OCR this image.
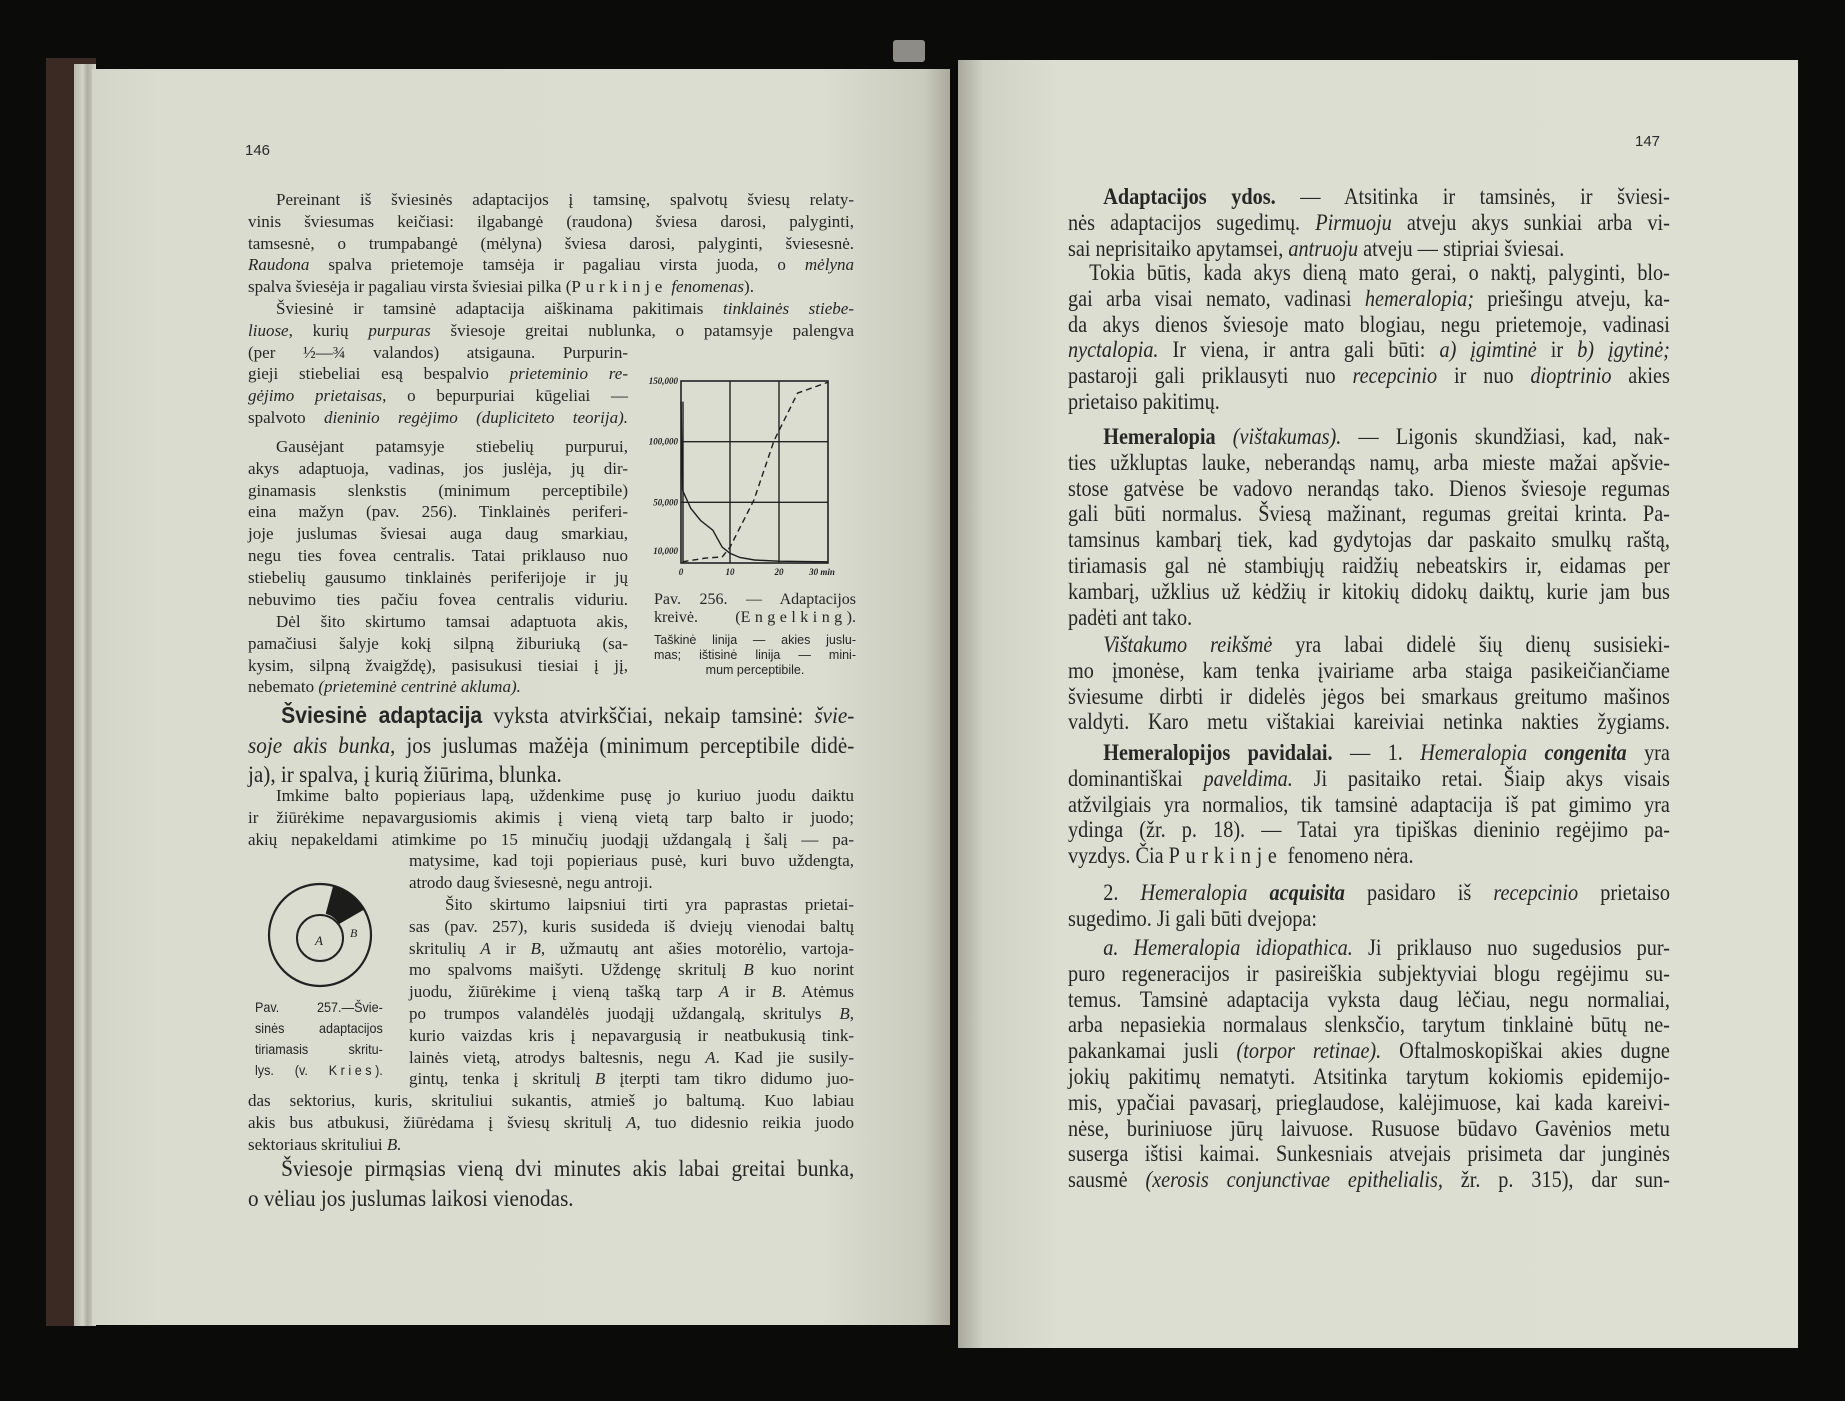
146
Pereinant iš šviesinės adaptacijos į tamsinę, spalvotų šviesų relaty-
vinis šviesumas keičiasi: ilgabangė (raudona) šviesa darosi, palyginti,
tamsesnė, o trumpabangė (mėlyna) šviesa darosi, palyginti, šviesesnė.
Raudona spalva prietemoje tamsėja ir pagaliau virsta juoda, o mėlyna
spalva šviesėja ir pagaliau virsta šviesiai pilka (Purkinje fenomenas).
Šviesinė ir tamsinė adaptacija aiškinama pakitimais tinklainės stiebe-
liuose, kurių purpuras šviesoje greitai nublunka, o patamsyje palengva
(per ½—¾ valandos) atsigauna. Purpurin-
gieji stiebeliai esą bespalvio prieteminio re-
gėjimo prietaisas, o bepurpuriai kūgeliai —
spalvoto dieninio regėjimo (dupliciteto teorija).
Gausėjant patamsyje stiebelių purpurui,
akys adaptuoja, vadinas, jos juslėja, jų dir-
ginamasis slenkstis (minimum perceptibile)
eina mažyn (pav. 256). Tinklainės periferi-
joje juslumas šviesai auga daug smarkiau,
negu ties fovea centralis. Tatai priklauso nuo
stiebelių gausumo tinklainės periferijoje ir jų
nebuvimo ties pačiu fovea centralis viduriu.
Dėl šito skirtumo tamsai adaptuota akis,
pamačiusi šalyje kokį silpną žiburiuką (sa-
kysim, silpną žvaigždę), pasisukusi tiesiai į jį,
nebemato (prieteminė centrinė akluma).
150,000
100,000
50,000
10,000
0	10	20	30 min
Pav. 256. — Adaptacijos
kreivė. (Engelking).
Taškinė linija — akies juslu-
mas; ištisinė linija — mini-
mum perceptibile.
Šviesinė adaptacija vyksta atvirkščiai, nekaip tamsinė: švie-
soje akis bunka, jos juslumas mažėja (minimum perceptibile didė-
ja), ir spalva, į kurią žiūrima, blunka.
Imkime balto popieriaus lapą, uždenkime pusę jo kuriuo juodu daiktu
ir žiūrėkime nepavargusiomis akimis į vieną vietą tarp balto ir juodo;
akių nepakeldami atimkime po 15 minučių juodąjį uždangalą į šalį — pa-
matysime, kad toji popieriaus pusė, kuri buvo uždengta,
atrodo daug šviesesnė, negu antroji.
A B
Pav. 257.—Švie-
sinės adaptacijos
tiriamasis skritu-
lys. (v. Kries).
Šito skirtumo laipsniui tirti yra paprastas prietai-
sas (pav. 257), kuris susideda iš dviejų vienodai baltų
skritulių A ir B, užmautų ant ašies motorėlio, vartoja-
mo spalvoms maišyti. Uždengę skritulį B kuo norint
juodu, žiūrėkime į vieną tašką tarp A ir B. Atėmus
po trumpos valandėlės juodąjį uždangalą, skritulys B,
kurio vaizdas kris į nepavargusią ir neatbukusią tink-
lainės vietą, atrodys baltesnis, negu A. Kad jie susily-
gintų, tenka į skritulį B įterpti tam tikro didumo juo-
das sektorius, kuris, skrituliui sukantis, atmieš jo baltumą. Kuo labiau
akis bus atbukusi, žiūrėdama į šviesų skritulį A, tuo didesnio reikia juodo
sektoriaus skrituliui B.
Šviesoje pirmąsias vieną dvi minutes akis labai greitai bunka,
o vėliau jos juslumas laikosi vienodas.
147
Adaptacijos ydos. — Atsitinka ir tamsinės, ir šviesi-
nės adaptacijos sugedimų. Pirmuoju atveju akys sunkiai arba vi-
sai neprisitaiko apytamsei, antruoju atveju — stipriai šviesai.
Tokia būtis, kada akys dieną mato gerai, o naktį, palyginti, blo-
gai arba visai nemato, vadinasi hemeralopia; priešingu atveju, ka-
da akys dienos šviesoje mato blogiau, negu prietemoje, vadinasi
nyctalopia. Ir viena, ir antra gali būti: a) įgimtinė ir b) įgytinė;
pastaroji gali priklausyti nuo recepcinio ir nuo dioptrinio akies
prietaiso pakitimų.
Hemeralopia (vištakumas). — Ligonis skundžiasi, kad, nak-
ties užkluptas lauke, neberandąs namų, arba mieste mažai apšvie-
stose gatvėse be vadovo nerandąs tako. Dienos šviesoje regumas
gali būti normalus. Šviesą mažinant, regumas greitai krinta. Pa-
tamsinus kambarį tiek, kad gydytojas dar paskaito smulkų raštą,
tiriamasis gal nė stambiųjų raidžių nebeatskirs ir, eidamas per
kambarį, užklius už kėdžių ir kitokių didokų daiktų, kurie jam bus
padėti ant tako.
Vištakumo reikšmė yra labai didelė šių dienų susisieki-
mo įmonėse, kam tenka įvairiame arba staiga pasikeičiančiame
šviesume dirbti ir didelės jėgos bei smarkaus greitumo mašinos
valdyti. Karo metu vištakiai kareiviai netinka nakties žygiams.
Hemeralopijos pavidalai. — 1. Hemeralopia congenita yra
dominantiškai paveldima. Ji pasitaiko retai. Šiaip akys visais
atžvilgiais yra normalios, tik tamsinė adaptacija iš pat gimimo yra
ydinga (žr. p. 18). — Tatai yra tipiškas dieninio regėjimo pa-
vyzdys. Čia Purkinje fenomeno nėra.
2. Hemeralopia acquisita pasidaro iš recepcinio prietaiso
sugedimo. Ji gali būti dvejopa:
a. Hemeralopia idiopathica. Ji priklauso nuo sugedusios pur-
puro regeneracijos ir pasireiškia subjektyviai blogu regėjimu su-
temus. Tamsinė adaptacija vyksta daug lėčiau, negu normaliai,
arba nepasiekia normalaus slenksčio, tarytum tinklainė būtų ne-
pakankamai jusli (torpor retinae). Oftalmoskopiškai akies dugne
jokių pakitimų nematyti. Atsitinka tarytum kokiomis epidemijo-
mis, ypačiai pavasarį, prieglaudose, kalėjimuose, kai kada kareivi-
nėse, buriniuose jūrų laivuose. Rusuose būdavo Gavėnios metu
suserga ištisi kaimai. Sunkesniais atvejais prisimeta dar junginės
sausmė (xerosis conjunctivae epithelialis, žr. p. 315), dar sun-
